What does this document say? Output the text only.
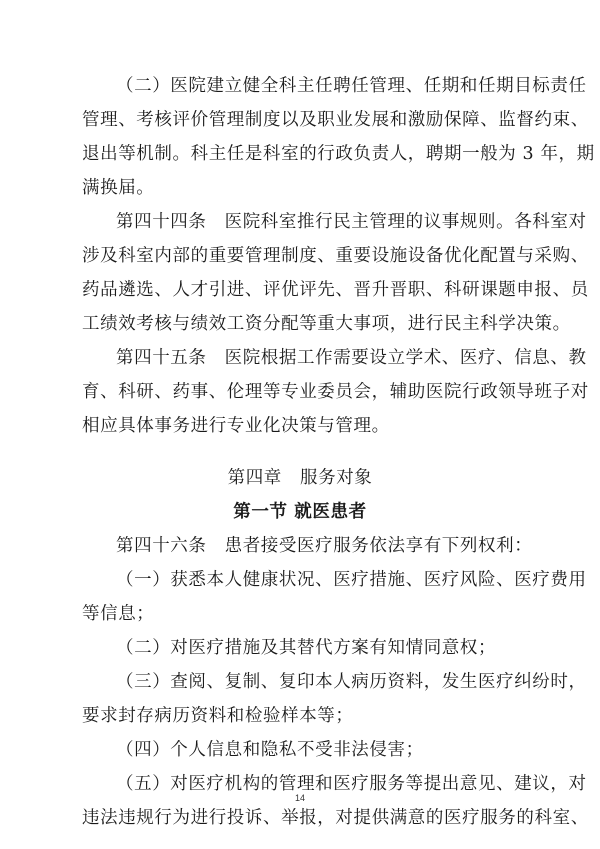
（二）医院建立健全科主任聘任管理、任期和任期目标责任
管理、考核评价管理制度以及职业发展和激励保障、监督约束、
退出等机制。科主任是科室的行政负责人，聘期一般为 3 年，期
满换届。
第四十四条　医院科室推行民主管理的议事规则。各科室对
涉及科室内部的重要管理制度、重要设施设备优化配置与采购、
药品遴选、人才引进、评优评先、晋升晋职、科研课题申报、员
工绩效考核与绩效工资分配等重大事项，进行民主科学决策。
第四十五条　医院根据工作需要设立学术、医疗、信息、教
育、科研、药事、伦理等专业委员会，辅助医院行政领导班子对
相应具体事务进行专业化决策与管理。
第四章　服务对象
第一节 就医患者
第四十六条　患者接受医疗服务依法享有下列权利：
（一）获悉本人健康状况、医疗措施、医疗风险、医疗费用
等信息；
（二）对医疗措施及其替代方案有知情同意权；
（三）查阅、复制、复印本人病历资料，发生医疗纠纷时，
要求封存病历资料和检验样本等；
（四）个人信息和隐私不受非法侵害；
（五）对医疗机构的管理和医疗服务等提出意见、建议，对
违法违规行为进行投诉、举报，对提供满意的医疗服务的科室、
14
